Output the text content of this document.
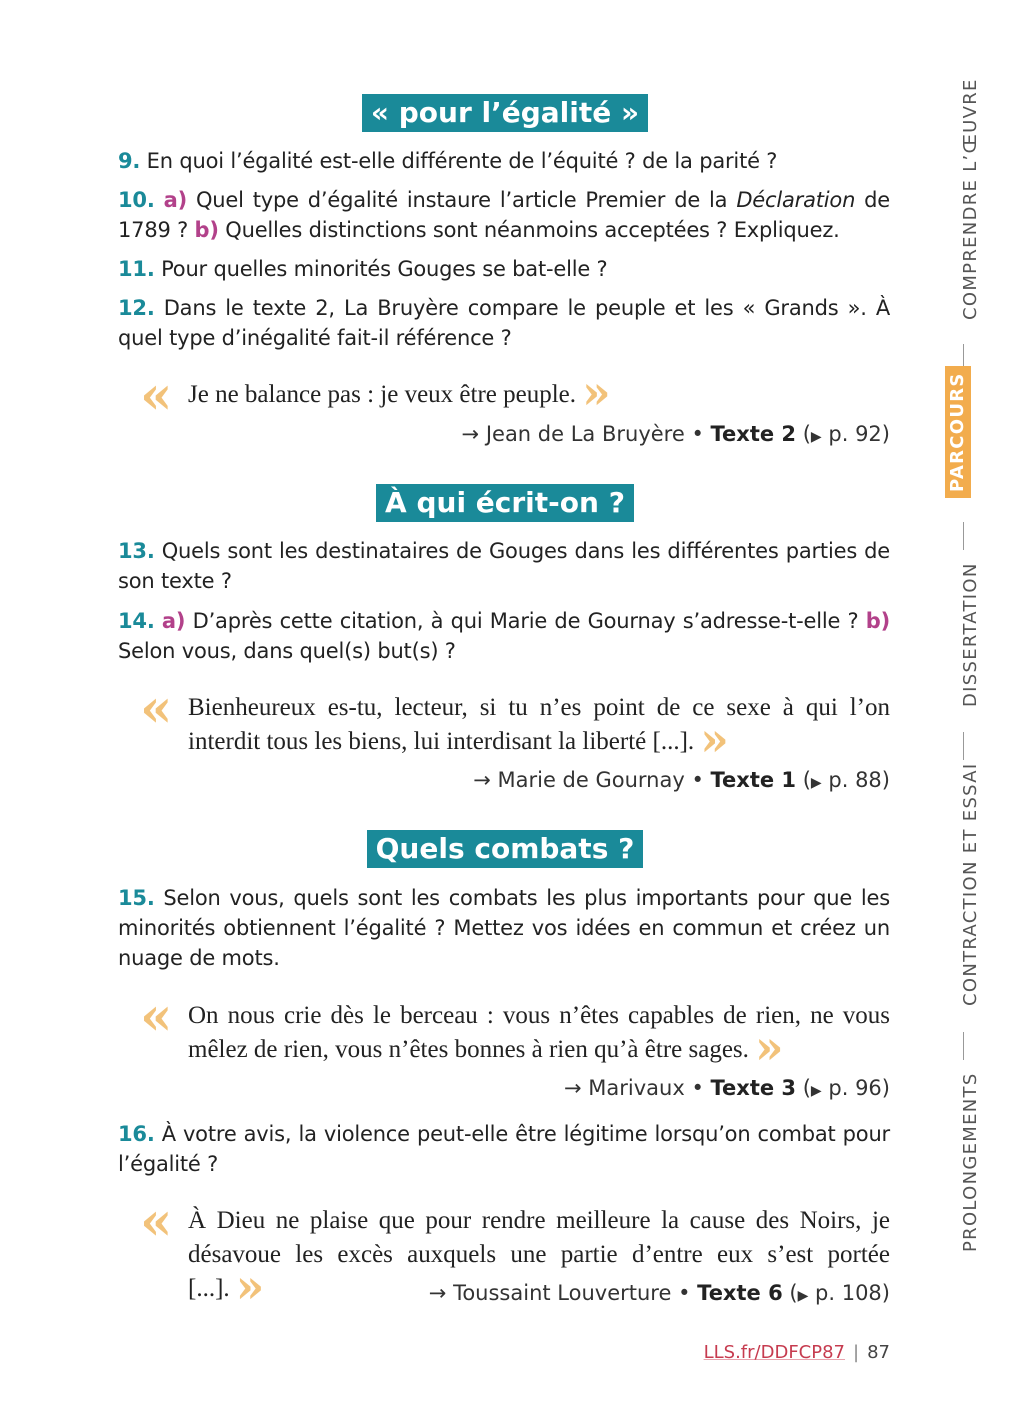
« pour l’égalité »
9. En quoi l’égalité est-elle différente de l’équité ? de la parité ?
10. a) Quel type d’égalité instaure l’article Premier de la Déclaration de 1789 ? b) Quelles distinctions sont néanmoins acceptées ? Expliquez.
11. Pour quelles minorités Gouges se bat-elle ?
12. Dans le texte 2, La Bruyère compare le peuple et les « Grands ». À quel type d’inégalité fait-il référence ?
« Je ne balance pas : je veux être peuple. »
→ Jean de La Bruyère • Texte 2 (▶ p. 92)
À qui écrit-on ?
13. Quels sont les destinataires de Gouges dans les différentes parties de son texte ?
14. a) D’après cette citation, à qui Marie de Gournay s’adresse-t-elle ? b) Selon vous, dans quel(s) but(s) ?
« Bienheureux es-tu, lecteur, si tu n’es point de ce sexe à qui l’on interdit tous les biens, lui interdisant la liberté [...]. »
→ Marie de Gournay • Texte 1 (▶ p. 88)
Quels combats ?
15. Selon vous, quels sont les combats les plus importants pour que les minorités obtiennent l’égalité ? Mettez vos idées en commun et créez un nuage de mots.
« On nous crie dès le berceau : vous n’êtes capables de rien, ne vous mêlez de rien, vous n’êtes bonnes à rien qu’à être sages. »
→ Marivaux • Texte 3 (▶ p. 96)
16. À votre avis, la violence peut-elle être légitime lorsqu’on combat pour l’égalité ?
« À Dieu ne plaise que pour rendre meilleure la cause des Noirs, je désavoue les excès auxquels une partie d’entre eux s’est portée [...]. »	→ Toussaint Louverture • Texte 6 (▶ p. 108)
COMPRENDRE L’ŒUVRE
PARCOURS
DISSERTATION
CONTRACTION ET ESSAI
PROLONGEMENTS
LLS.fr/DDFCP87 | 87
